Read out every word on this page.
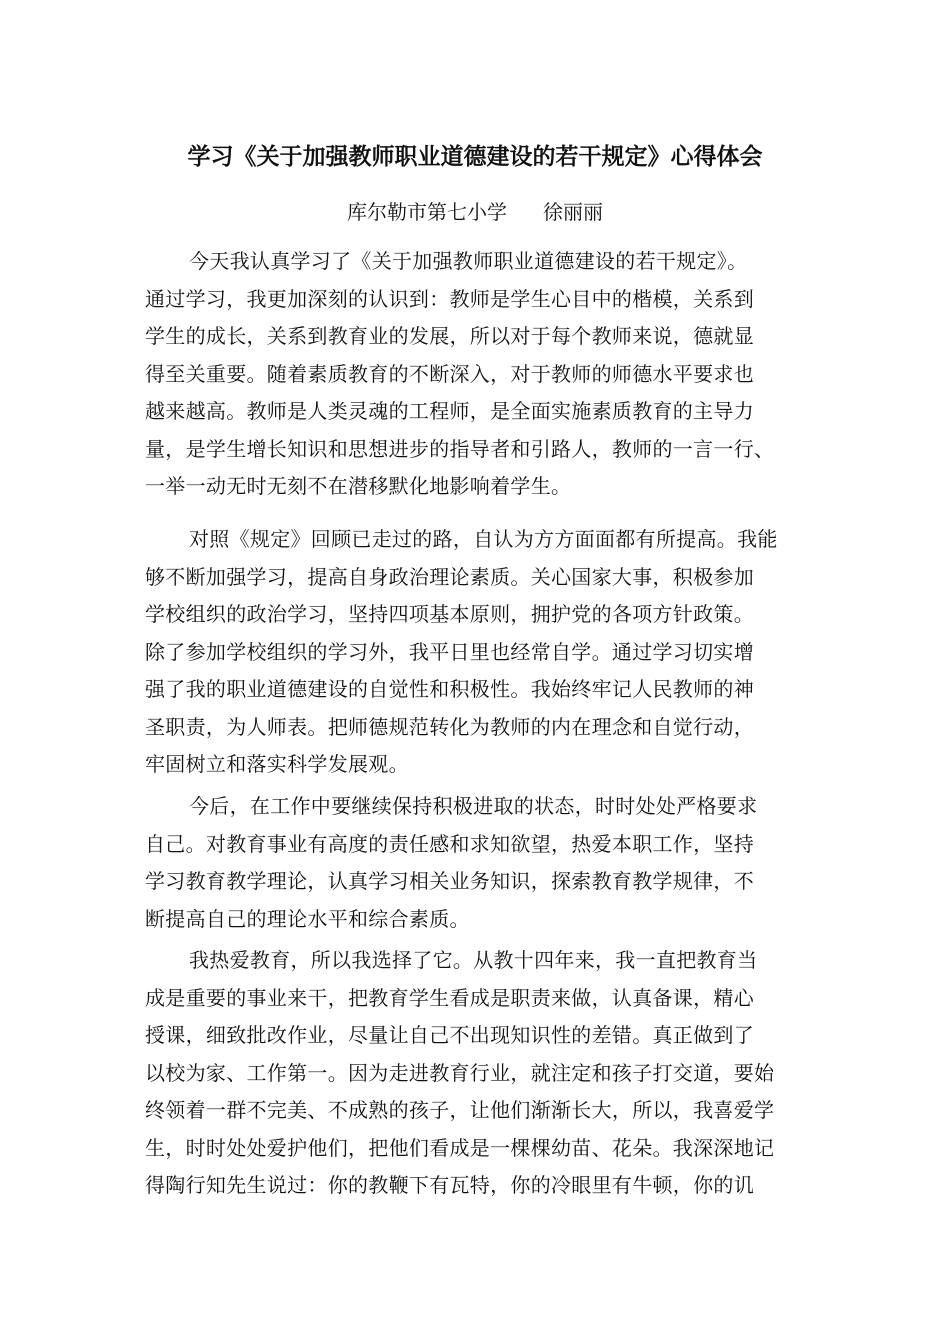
学习《关于加强教师职业道德建设的若干规定》心得体会
库尔勒市第七小学 徐丽丽
今天我认真学习了《关于加强教师职业道德建设的若干规定》。
通过学习，我更加深刻的认识到：教师是学生心目中的楷模，关系到
学生的成长，关系到教育业的发展，所以对于每个教师来说，德就显
得至关重要。随着素质教育的不断深入，对于教师的师德水平要求也
越来越高。教师是人类灵魂的工程师，是全面实施素质教育的主导力
量，是学生增长知识和思想进步的指导者和引路人，教师的一言一行、
一举一动无时无刻不在潜移默化地影响着学生。
对照《规定》回顾已走过的路，自认为方方面面都有所提高。我能
够不断加强学习，提高自身政治理论素质。关心国家大事，积极参加
学校组织的政治学习，坚持四项基本原则，拥护党的各项方针政策。
除了参加学校组织的学习外，我平日里也经常自学。通过学习切实增
强了我的职业道德建设的自觉性和积极性。我始终牢记人民教师的神
圣职责，为人师表。把师德规范转化为教师的内在理念和自觉行动，
牢固树立和落实科学发展观。
今后，在工作中要继续保持积极进取的状态，时时处处严格要求
自己。对教育事业有高度的责任感和求知欲望，热爱本职工作，坚持
学习教育教学理论，认真学习相关业务知识，探索教育教学规律，不
断提高自己的理论水平和综合素质。
我热爱教育，所以我选择了它。从教十四年来，我一直把教育当
成是重要的事业来干，把教育学生看成是职责来做，认真备课，精心
授课，细致批改作业，尽量让自己不出现知识性的差错。真正做到了
以校为家、工作第一。因为走进教育行业，就注定和孩子打交道，要始
终领着一群不完美、不成熟的孩子，让他们渐渐长大，所以，我喜爱学
生，时时处处爱护他们，把他们看成是一棵棵幼苗、花朵。我深深地记
得陶行知先生说过：你的教鞭下有瓦特，你的冷眼里有牛顿，你的讥
